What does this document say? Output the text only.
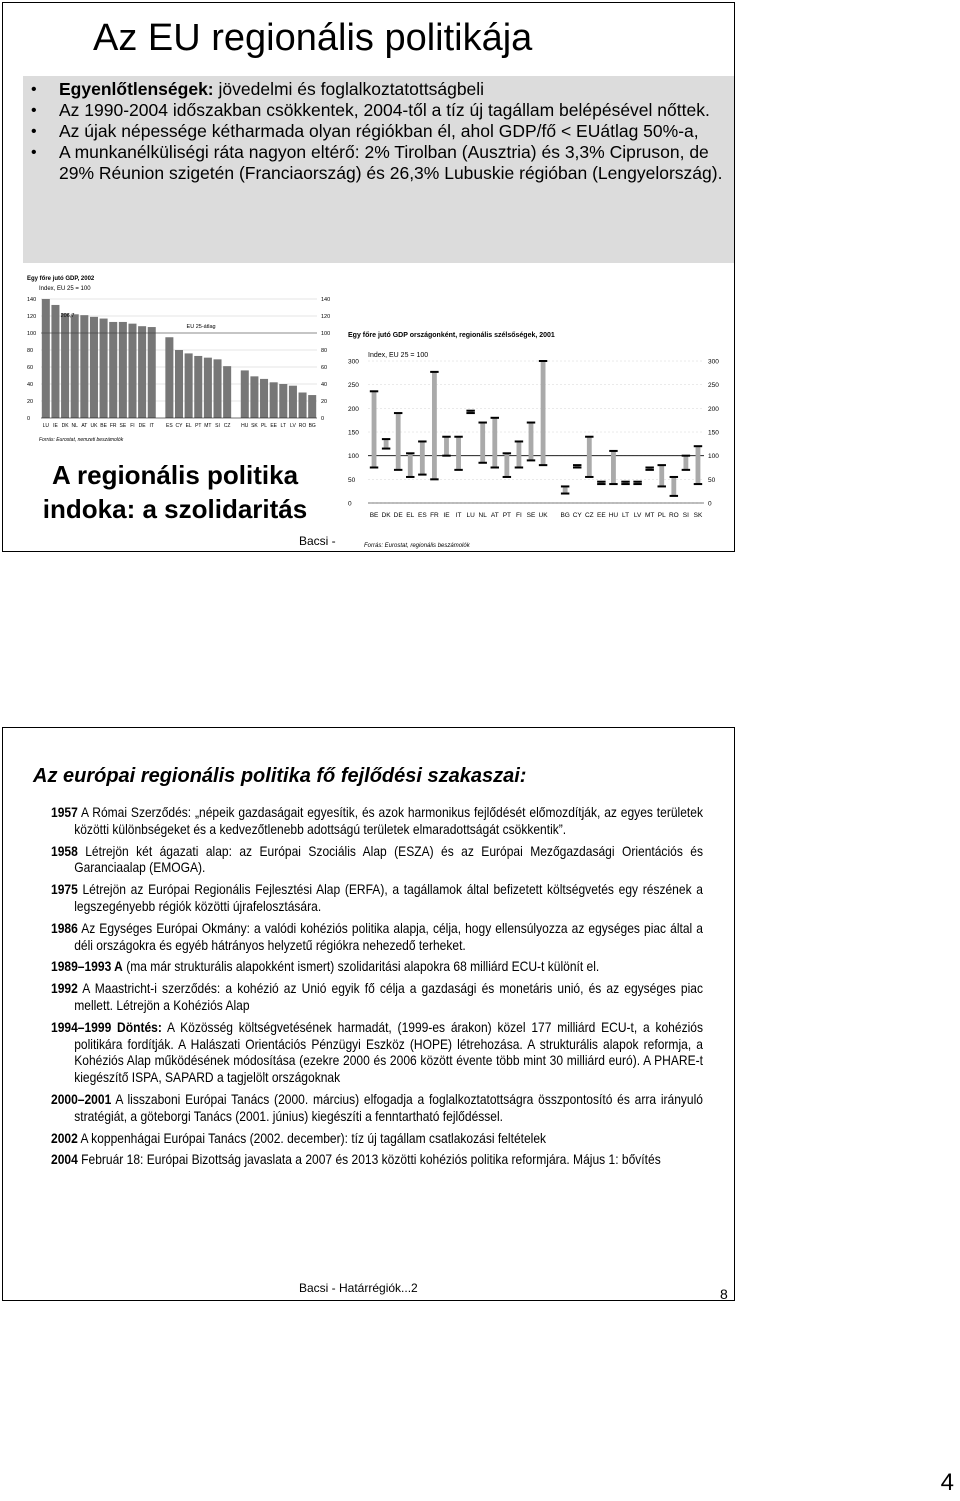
Az EU regionális politikája
• Egyenlőtlenségek: jövedelmi és foglalkoztatottságbeli
• Az 1990-2004 időszakban csökkentek, 2004-től a tíz új tagállam belépésével nőttek.
• Az újak népessége kétharmada olyan régiókban él, ahol GDP/fő < EUátlag 50%-a,
• A munkanélküliségi ráta nagyon eltérő: 2% Tirolban (Ausztria) és 3,3% Cipruson, de 29% Réunion szigetén (Franciaország) és 26,3% Lubuskie régióban (Lengyelország).
Egy főre jutó GDP, 2002
Index, EU 25 = 100
0	0
20	20
40	40
60	60
80	80
100	100
120	120
140	140
LU IE DK NL AT UK BE FR SE FI DE IT ES CY EL PT MT SI CZ HU SK PL EE LT LV RO BG
EU 25-átlag
206,7
Forrás: Eurostat, nemzeti beszámolók
Egy főre jutó GDP országonként, regionális szélsőségek, 2001
Index, EU 25 = 100
0	0
50	50
100	100
150	150
200	200
250	250
300	300
BE DK DE EL ES FR IE IT LU NL AT PT FI SE UK BG CY CZ EE HU LT LV MT PL RO SI SK
Forrás: Eurostat, regionális beszámolók
A regionális politika
indoka: a szolidaritás
Bacsi -
Az európai regionális politika fő fejlődési szakaszai:
1957 A Római Szerződés: „népeik gazdaságait egyesítik, és azok harmonikus fejlődését előmozdítják, az egyes területek közötti különbségeket és a kedvezőtlenebb adottságú területek elmaradottságát csökkentik”.
1958 Létrejön két ágazati alap: az Európai Szociális Alap (ESZA) és az Európai Mezőgazdasági Orientációs és Garanciaalap (EMOGA).
1975 Létrejön az Európai Regionális Fejlesztési Alap (ERFA), a tagállamok által befizetett költségvetés egy részének a legszegényebb régiók közötti újrafelosztására.
1986 Az Egységes Európai Okmány: a valódi kohéziós politika alapja, célja, hogy ellensúlyozza az egységes piac által a déli országokra és egyéb hátrányos helyzetű régiókra nehezedő terheket.
1989–1993 A (ma már strukturális alapokként ismert) szolidaritási alapokra 68 milliárd ECU-t különít el.
1992 A Maastricht-i szerződés: a kohézió az Unió egyik fő célja a gazdasági és monetáris unió, és az egységes piac mellett. Létrejön a Kohéziós Alap
1994–1999 Döntés: A Közösség költségvetésének harmadát, (1999-es árakon) közel 177 milliárd ECU-t, a kohéziós politikára fordítják. A Halászati Orientációs Pénzügyi Eszköz (HOPE) létrehozása. A strukturális alapok reformja, a Kohéziós Alap működésének módosítása (ezekre 2000 és 2006 között évente több mint 30 milliárd euró). A PHARE-t kiegészítő ISPA, SAPARD a tagjelölt országoknak
2000–2001 A lisszaboni Európai Tanács (2000. március) elfogadja a foglalkoztatottságra összpontosító és arra irányuló stratégiát, a göteborgi Tanács (2001. június) kiegészíti a fenntartható fejlődéssel.
2002 A koppenhágai Európai Tanács (2002. december): tíz új tagállam csatlakozási feltételek
2004 Február 18: Európai Bizottság javaslata a 2007 és 2013 közötti kohéziós politika reformjára. Május 1: bővítés
Bacsi - Határrégiók...2	8
4
